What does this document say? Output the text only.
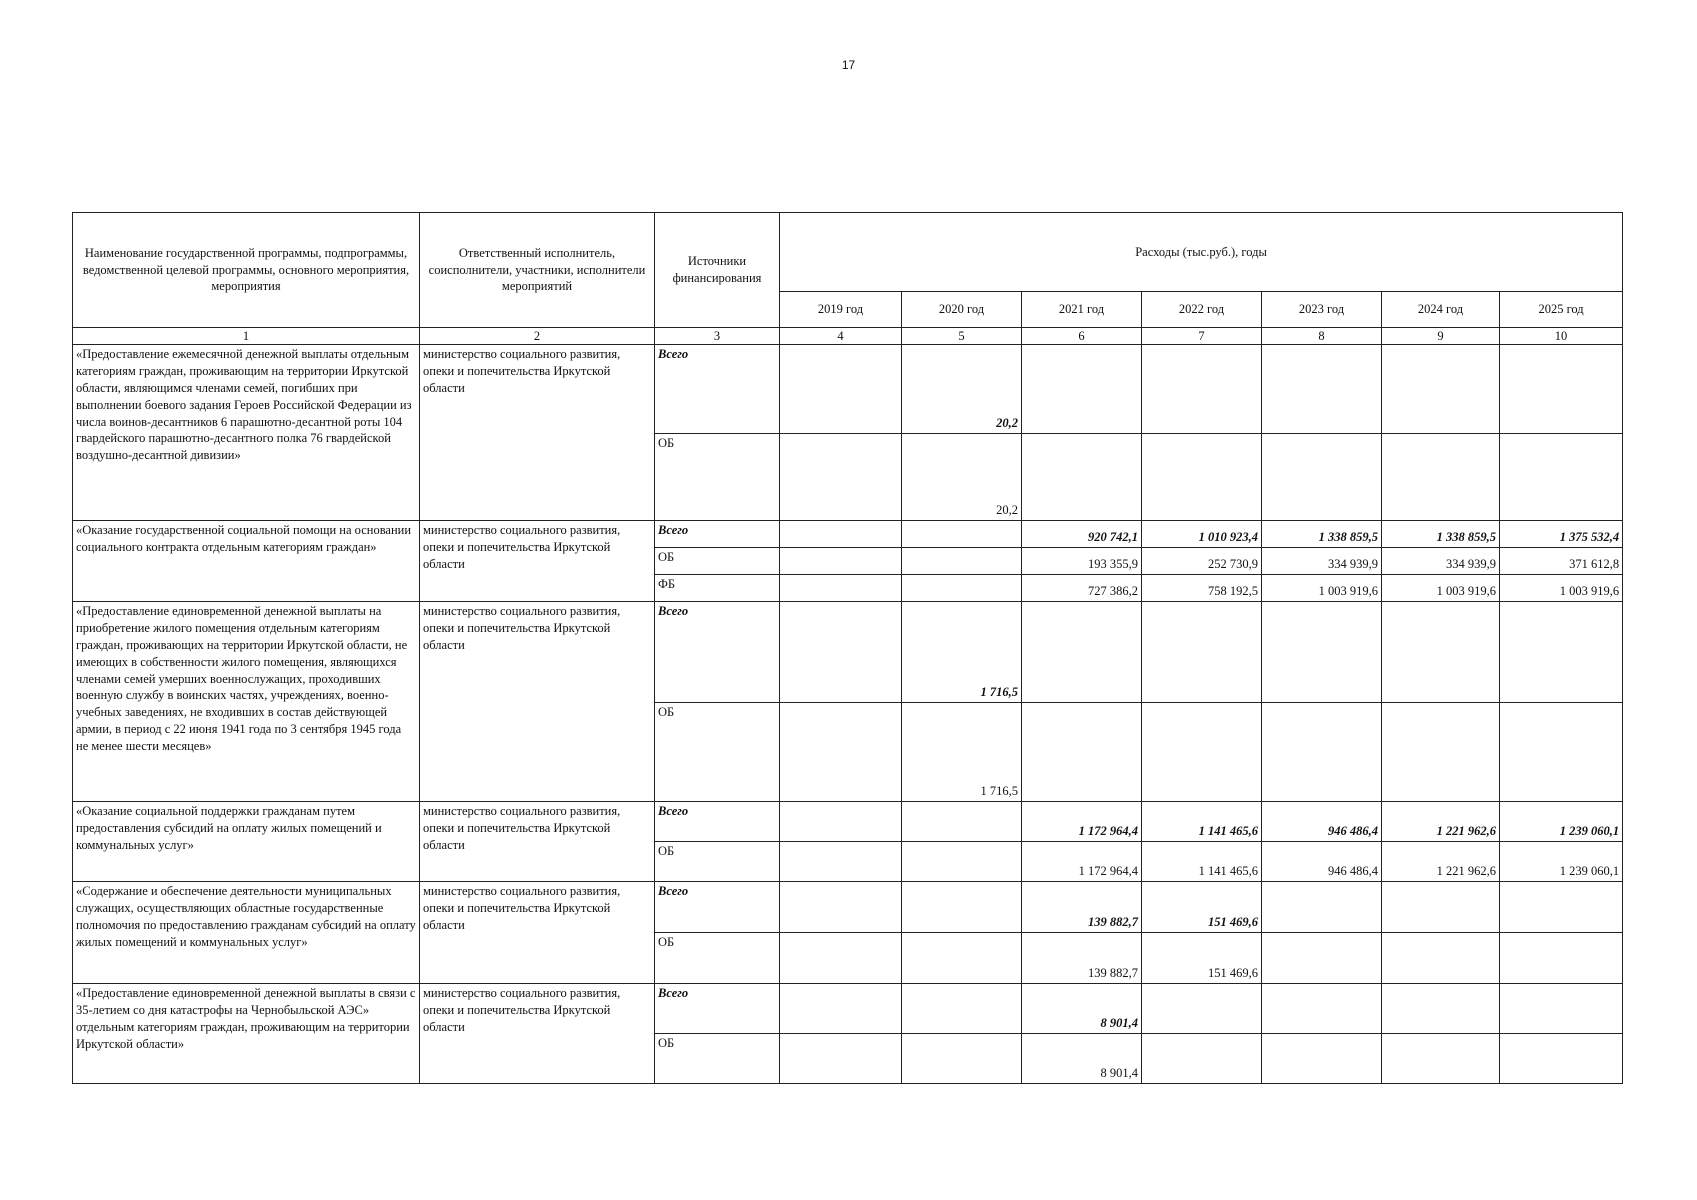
17
Наименование государственной программы, подпрограммы, ведомственной целевой программы, основного мероприятия, мероприятия	Ответственный исполнитель, соисполнители, участники, исполнители мероприятий	Источники финансирования	Расходы (тыс.руб.), годы						
			2019 год	2020 год	2021 год	2022 год	2023 год	2024 год	2025 год
1	2	3	4	5	6	7	8	9	10
«Предоставление ежемесячной денежной выплаты отдельным категориям граждан, проживающим на территории Иркутской области, являющимся членами семей, погибших при выполнении боевого задания Героев Российской Федерации из числа воинов-десантников 6 парашютно-десантной роты 104 гвардейского парашютно-десантного полка 76 гвардейской воздушно-десантной дивизии»	министерство социального развития, опеки и попечительства Иркутской области	Всего		20,2					
		ОБ		20,2					
«Оказание государственной социальной помощи на основании социального контракта отдельным категориям граждан»	министерство социального развития, опеки и попечительства Иркутской области	Всего			920 742,1	1 010 923,4	1 338 859,5	1 338 859,5	1 375 532,4
		ОБ			193 355,9	252 730,9	334 939,9	334 939,9	371 612,8
		ФБ			727 386,2	758 192,5	1 003 919,6	1 003 919,6	1 003 919,6
«Предоставление единовременной денежной выплаты на приобретение жилого помещения отдельным категориям граждан, проживающих на территории Иркутской области, не имеющих в собственности жилого помещения, являющихся членами семей умерших военнослужащих, проходивших военную службу в воинских частях, учреждениях, военно-учебных заведениях, не входивших в состав действующей армии, в период с 22 июня 1941 года по 3 сентября 1945 года не менее шести месяцев»	министерство социального развития, опеки и попечительства Иркутской области	Всего		1 716,5					
		ОБ		1 716,5					
«Оказание социальной поддержки гражданам путем предоставления субсидий на оплату жилых помещений и коммунальных услуг»	министерство социального развития, опеки и попечительства Иркутской области	Всего			1 172 964,4	1 141 465,6	946 486,4	1 221 962,6	1 239 060,1
		ОБ			1 172 964,4	1 141 465,6	946 486,4	1 221 962,6	1 239 060,1
«Содержание и обеспечение деятельности муниципальных служащих, осуществляющих областные государственные полномочия по предоставлению гражданам субсидий на оплату жилых помещений и коммунальных услуг»	министерство социального развития, опеки и попечительства Иркутской области	Всего			139 882,7	151 469,6			
		ОБ			139 882,7	151 469,6			
«Предоставление единовременной денежной выплаты в связи с 35-летием со дня катастрофы на Чернобыльской АЭС» отдельным категориям граждан, проживающим на территории Иркутской области»	министерство социального развития, опеки и попечительства Иркутской области	Всего			8 901,4				
		ОБ			8 901,4				
